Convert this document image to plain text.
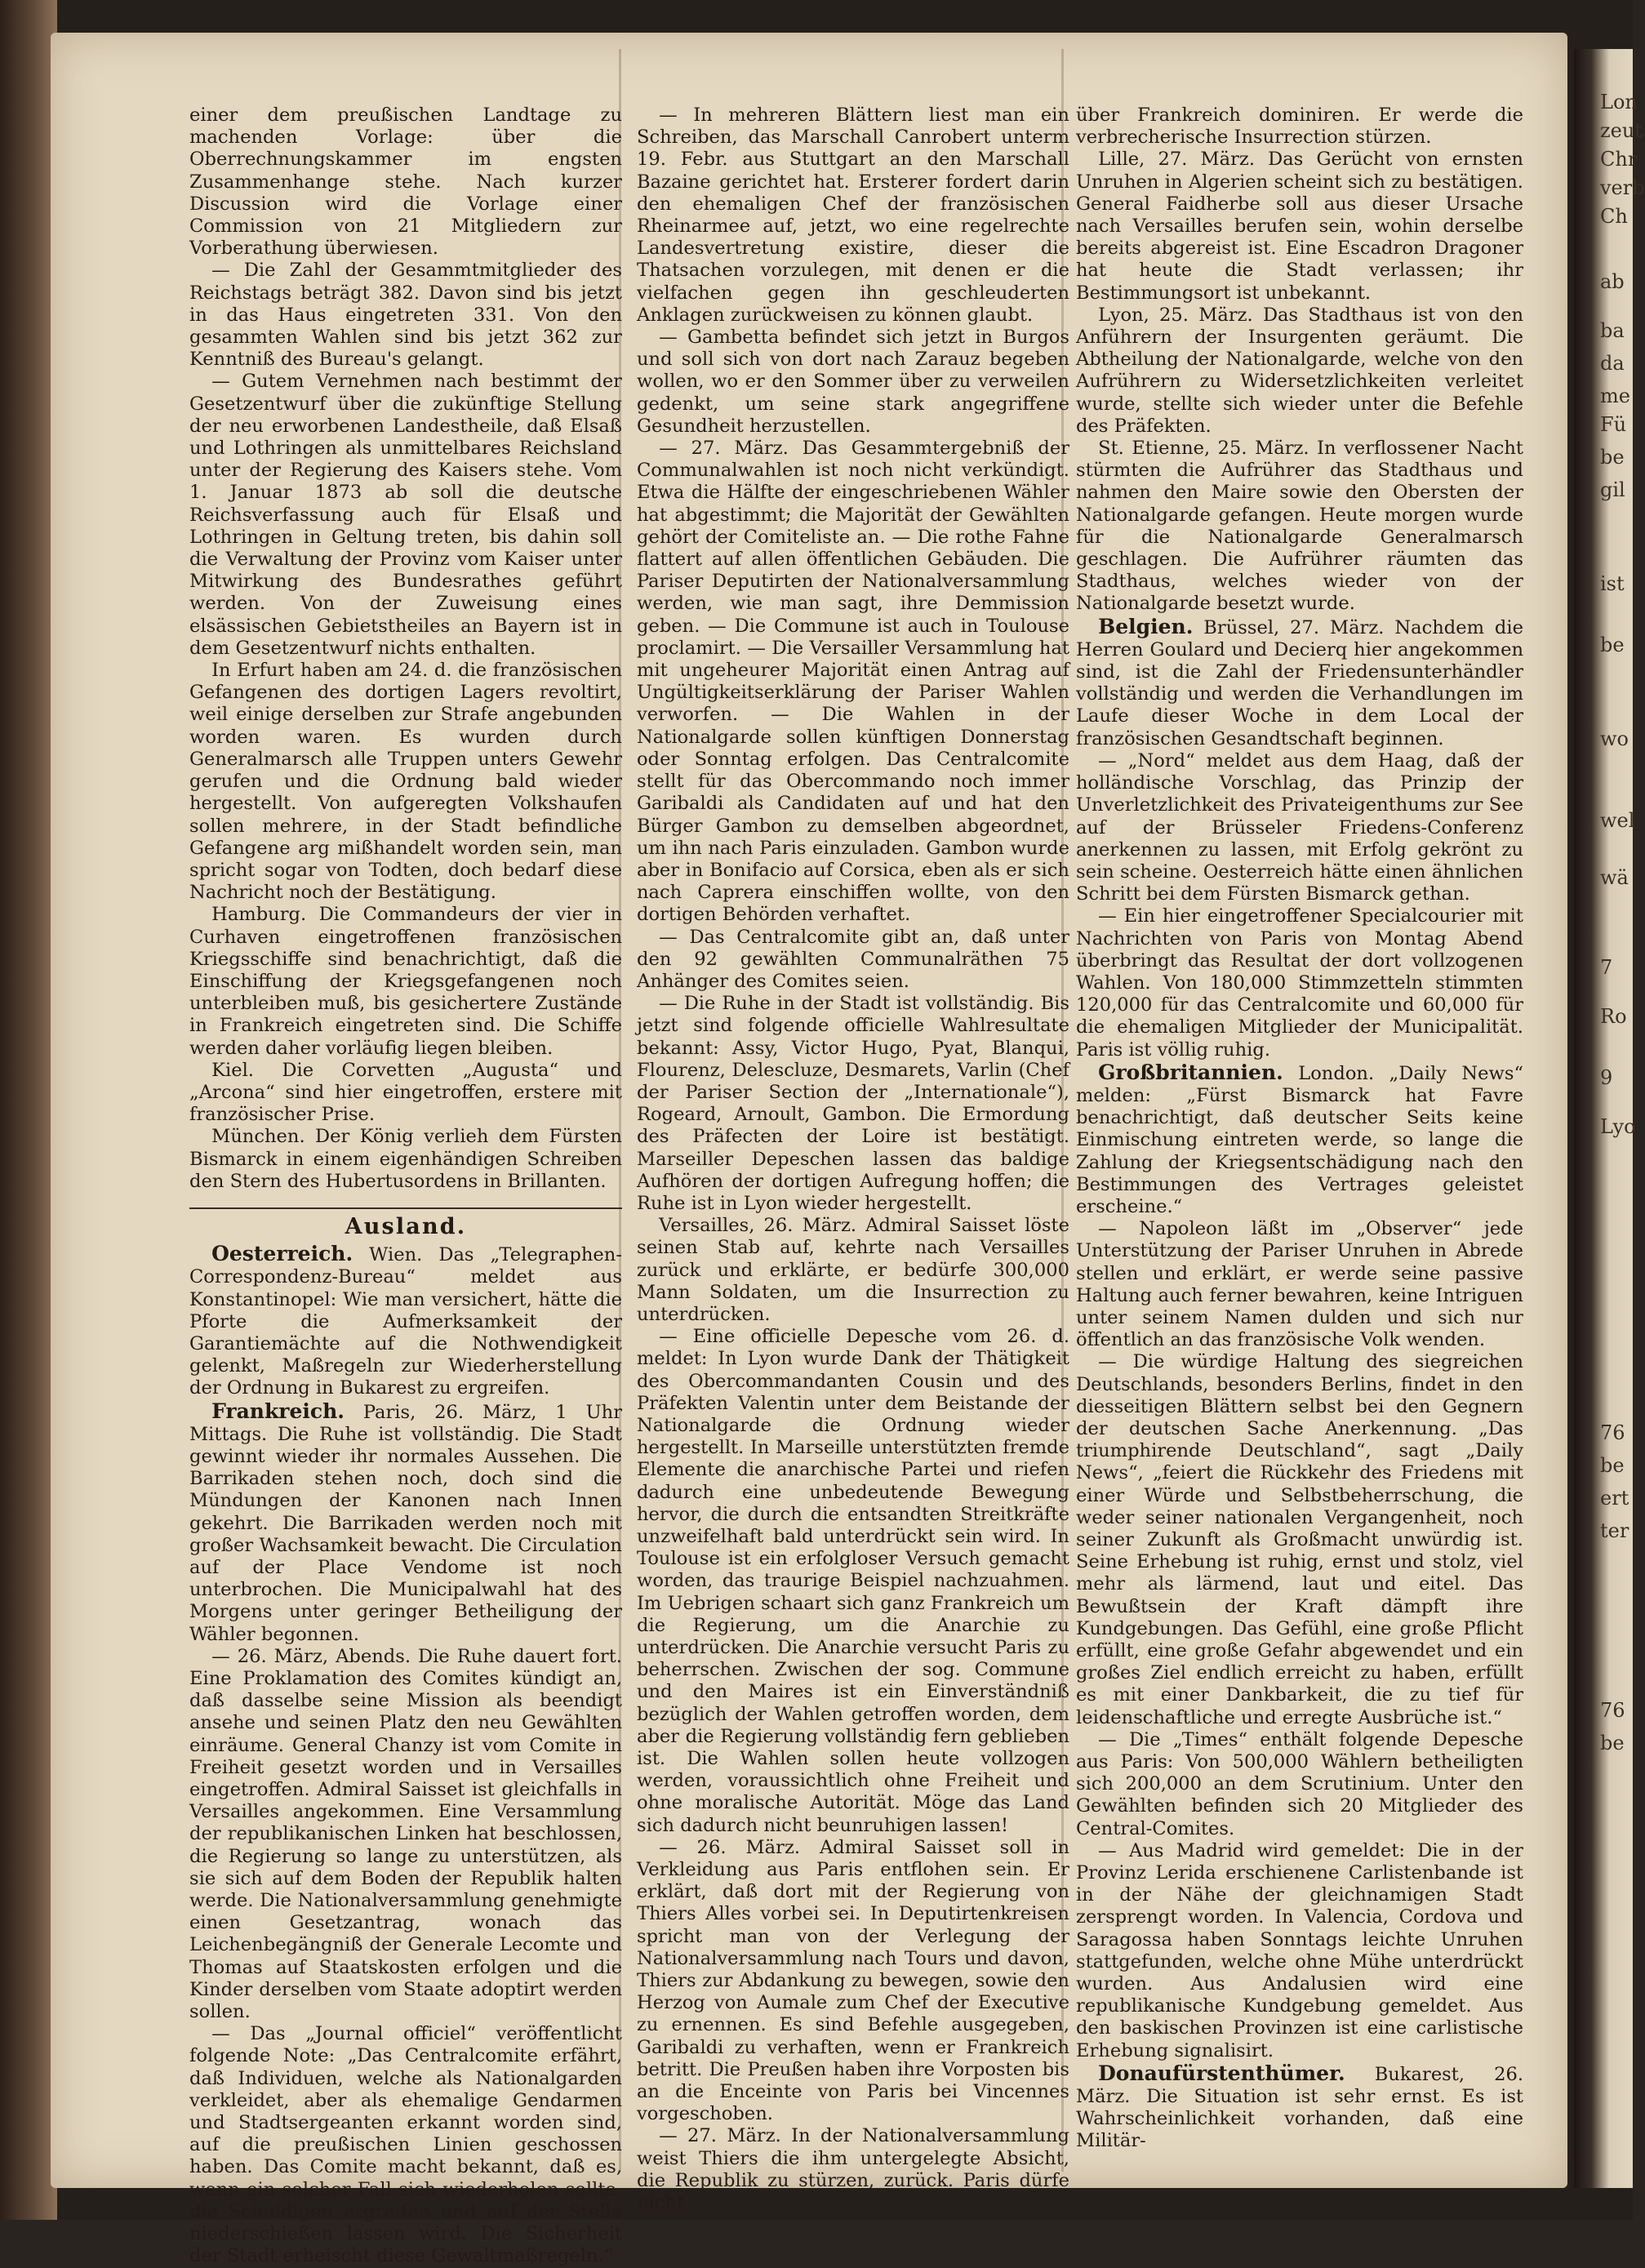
einer dem preußischen Landtage zu machenden Vorlage: über die Oberrechnungskammer im engsten Zusammenhange stehe. Nach kurzer Discussion wird die Vorlage einer Commission von 21 Mitgliedern zur Vorberathung überwiesen.

— Die Zahl der Gesammtmitglieder des Reichstags beträgt 382. Davon sind bis jetzt in das Haus eingetreten 331. Von den gesammten Wahlen sind bis jetzt 362 zur Kenntniß des Bureau's gelangt.

— Gutem Vernehmen nach bestimmt der Gesetzentwurf über die zukünftige Stellung der neu erworbenen Landestheile, daß Elsaß und Lothringen als unmittelbares Reichsland unter der Regierung des Kaisers stehe. Vom 1. Januar 1873 ab soll die deutsche Reichsverfassung auch für Elsaß und Lothringen in Geltung treten, bis dahin soll die Verwaltung der Provinz vom Kaiser unter Mitwirkung des Bundesrathes geführt werden. Von der Zuweisung eines elsässischen Gebietstheiles an Bayern ist in dem Gesetzentwurf nichts enthalten.

In Erfurt haben am 24. d. die französischen Gefangenen des dortigen Lagers revoltirt, weil einige derselben zur Strafe angebunden worden waren. Es wurden durch Generalmarsch alle Truppen unters Gewehr gerufen und die Ordnung bald wieder hergestellt. Von aufgeregten Volkshaufen sollen mehrere, in der Stadt befindliche Gefangene arg mißhandelt worden sein, man spricht sogar von Todten, doch bedarf diese Nachricht noch der Bestätigung.

Hamburg. Die Commandeurs der vier in Curhaven eingetroffenen französischen Kriegsschiffe sind benachrichtigt, daß die Einschiffung der Kriegsgefangenen noch unterbleiben muß, bis gesichertere Zustände in Frankreich eingetreten sind. Die Schiffe werden daher vorläufig liegen bleiben.

Kiel. Die Corvetten „Augusta“ und „Arcona“ sind hier eingetroffen, erstere mit französischer Prise.

München. Der König verlieh dem Fürsten Bismarck in einem eigenhändigen Schreiben den Stern des Hubertusordens in Brillanten.

Ausland.

Oesterreich. Wien. Das „Telegraphen-Correspondenz-Bureau“ meldet aus Konstantinopel: Wie man versichert, hätte die Pforte die Aufmerksamkeit der Garantiemächte auf die Nothwendigkeit gelenkt, Maßregeln zur Wiederherstellung der Ordnung in Bukarest zu ergreifen.

Frankreich. Paris, 26. März, 1 Uhr Mittags. Die Ruhe ist vollständig. Die Stadt gewinnt wieder ihr normales Aussehen. Die Barrikaden stehen noch, doch sind die Mündungen der Kanonen nach Innen gekehrt. Die Barrikaden werden noch mit großer Wachsamkeit bewacht. Die Circulation auf der Place Vendome ist noch unterbrochen. Die Municipalwahl hat des Morgens unter geringer Betheiligung der Wähler begonnen.

— 26. März, Abends. Die Ruhe dauert fort. Eine Proklamation des Comites kündigt an, daß dasselbe seine Mission als beendigt ansehe und seinen Platz den neu Gewählten einräume. General Chanzy ist vom Comite in Freiheit gesetzt worden und in Versailles eingetroffen. Admiral Saisset ist gleichfalls in Versailles angekommen. Eine Versammlung der republikanischen Linken hat beschlossen, die Regierung so lange zu unterstützen, als sie sich auf dem Boden der Republik halten werde. Die Nationalversammlung genehmigte einen Gesetzantrag, wonach das Leichenbegängniß der Generale Lecomte und Thomas auf Staatskosten erfolgen und die Kinder derselben vom Staate adoptirt werden sollen.

— Das „Journal officiel“ veröffentlicht folgende Note: „Das Centralcomite erfährt, daß Individuen, welche als Nationalgarden verkleidet, aber als ehemalige Gendarmen und Stadtsergeanten erkannt worden sind, auf die preußischen Linien geschossen haben. Das Comite macht bekannt, daß es, wenn ein solcher Fall sich wiederholen sollte, die Schuldigen ergreifen und auf der Stelle niederschießen lassen wird. Die Sicherheit der Stadt erheischt diese Gewaltmaßregeln.“

— In mehreren Blättern liest man ein Schreiben, das Marschall Canrobert unterm 19. Febr. aus Stuttgart an den Marschall Bazaine gerichtet hat. Ersterer fordert darin den ehemaligen Chef der französischen Rheinarmee auf, jetzt, wo eine regelrechte Landesvertretung existire, dieser die Thatsachen vorzulegen, mit denen er die vielfachen gegen ihn geschleuderten Anklagen zurückweisen zu können glaubt.

— Gambetta befindet sich jetzt in Burgos und soll sich von dort nach Zarauz begeben wollen, wo er den Sommer über zu verweilen gedenkt, um seine stark angegriffene Gesundheit herzustellen.

— 27. März. Das Gesammtergebniß der Communalwahlen ist noch nicht verkündigt. Etwa die Hälfte der eingeschriebenen Wähler hat abgestimmt; die Majorität der Gewählten gehört der Comiteliste an. — Die rothe Fahne flattert auf allen öffentlichen Gebäuden. Die Pariser Deputirten der Nationalversammlung werden, wie man sagt, ihre Demmission geben. — Die Commune ist auch in Toulouse proclamirt. — Die Versailler Versammlung hat mit ungeheurer Majorität einen Antrag auf Ungültigkeitserklärung der Pariser Wahlen verworfen. — Die Wahlen in der Nationalgarde sollen künftigen Donnerstag oder Sonntag erfolgen. Das Centralcomite stellt für das Obercommando noch immer Garibaldi als Candidaten auf und hat den Bürger Gambon zu demselben abgeordnet, um ihn nach Paris einzuladen. Gambon wurde aber in Bonifacio auf Corsica, eben als er sich nach Caprera einschiffen wollte, von den dortigen Behörden verhaftet.

— Das Centralcomite gibt an, daß unter den 92 gewählten Communalräthen 75 Anhänger des Comites seien.

— Die Ruhe in der Stadt ist vollständig. Bis jetzt sind folgende officielle Wahlresultate bekannt: Assy, Victor Hugo, Pyat, Blanqui, Flourenz, Delescluze, Desmarets, Varlin (Chef der Pariser Section der „Internationale“), Rogeard, Arnoult, Gambon. Die Ermordung des Präfecten der Loire ist bestätigt. Marseiller Depeschen lassen das baldige Aufhören der dortigen Aufregung hoffen; die Ruhe ist in Lyon wieder hergestellt.

Versailles, 26. März. Admiral Saisset löste seinen Stab auf, kehrte nach Versailles zurück und erklärte, er bedürfe 300,000 Mann Soldaten, um die Insurrection zu unterdrücken.

— Eine officielle Depesche vom 26. d. meldet: In Lyon wurde Dank der Thätigkeit des Obercommandanten Cousin und des Präfekten Valentin unter dem Beistande der Nationalgarde die Ordnung wieder hergestellt. In Marseille unterstützten fremde Elemente die anarchische Partei und riefen dadurch eine unbedeutende Bewegung hervor, die durch die entsandten Streitkräfte unzweifelhaft bald unterdrückt sein wird. In Toulouse ist ein erfolgloser Versuch gemacht worden, das traurige Beispiel nachzuahmen. Im Uebrigen schaart sich ganz Frankreich um die Regierung, um die Anarchie zu unterdrücken. Die Anarchie versucht Paris zu beherrschen. Zwischen der sog. Commune und den Maires ist ein Einverständniß bezüglich der Wahlen getroffen worden, dem aber die Regierung vollständig fern geblieben ist. Die Wahlen sollen heute vollzogen werden, voraussichtlich ohne Freiheit und ohne moralische Autorität. Möge das Land sich dadurch nicht beunruhigen lassen!

— 26. März. Admiral Saisset soll in Verkleidung aus Paris entflohen sein. Er erklärt, daß dort mit der Regierung von Thiers Alles vorbei sei. In Deputirtenkreisen spricht man von der Verlegung der Nationalversammlung nach Tours und davon, Thiers zur Abdankung zu bewegen, sowie den Herzog von Aumale zum Chef der Executive zu ernennen. Es sind Befehle ausgegeben, Garibaldi zu verhaften, wenn er Frankreich betritt. Die Preußen haben ihre Vorposten bis an die Enceinte von Paris bei Vincennes vorgeschoben.

— 27. März. In der Nationalversammlung weist Thiers die ihm untergelegte Absicht, die Republik zu stürzen, zurück. Paris dürfe nicht

über Frankreich dominiren. Er werde die verbrecherische Insurrection stürzen.

Lille, 27. März. Das Gerücht von ernsten Unruhen in Algerien scheint sich zu bestätigen. General Faidherbe soll aus dieser Ursache nach Versailles berufen sein, wohin derselbe bereits abgereist ist. Eine Escadron Dragoner hat heute die Stadt verlassen; ihr Bestimmungsort ist unbekannt.

Lyon, 25. März. Das Stadthaus ist von den Anführern der Insurgenten geräumt. Die Abtheilung der Nationalgarde, welche von den Aufrührern zu Widersetzlichkeiten verleitet wurde, stellte sich wieder unter die Befehle des Präfekten.

St. Etienne, 25. März. In verflossener Nacht stürmten die Aufrührer das Stadthaus und nahmen den Maire sowie den Obersten der Nationalgarde gefangen. Heute morgen wurde für die Nationalgarde Generalmarsch geschlagen. Die Aufrührer räumten das Stadthaus, welches wieder von der Nationalgarde besetzt wurde.

Belgien. Brüssel, 27. März. Nachdem die Herren Goulard und Decierq hier angekommen sind, ist die Zahl der Friedensunterhändler vollständig und werden die Verhandlungen im Laufe dieser Woche in dem Local der französischen Gesandtschaft beginnen.

— „Nord“ meldet aus dem Haag, daß der holländische Vorschlag, das Prinzip der Unverletzlichkeit des Privateigenthums zur See auf der Brüsseler Friedens-Conferenz anerkennen zu lassen, mit Erfolg gekrönt zu sein scheine. Oesterreich hätte einen ähnlichen Schritt bei dem Fürsten Bismarck gethan.

— Ein hier eingetroffener Specialcourier mit Nachrichten von Paris von Montag Abend überbringt das Resultat der dort vollzogenen Wahlen. Von 180,000 Stimmzetteln stimmten 120,000 für das Centralcomite und 60,000 für die ehemaligen Mitglieder der Municipalität. Paris ist völlig ruhig.

Großbritannien. London. „Daily News“ melden: „Fürst Bismarck hat Favre benachrichtigt, daß deutscher Seits keine Einmischung eintreten werde, so lange die Zahlung der Kriegsentschädigung nach den Bestimmungen des Vertrages geleistet erscheine.“

— Napoleon läßt im „Observer“ jede Unterstützung der Pariser Unruhen in Abrede stellen und erklärt, er werde seine passive Haltung auch ferner bewahren, keine Intriguen unter seinem Namen dulden und sich nur öffentlich an das französische Volk wenden.

— Die würdige Haltung des siegreichen Deutschlands, besonders Berlins, findet in den diesseitigen Blättern selbst bei den Gegnern der deutschen Sache Anerkennung. „Das triumphirende Deutschland“, sagt „Daily News“, „feiert die Rückkehr des Friedens mit einer Würde und Selbstbeherrschung, die weder seiner nationalen Vergangenheit, noch seiner Zukunft als Großmacht unwürdig ist. Seine Erhebung ist ruhig, ernst und stolz, viel mehr als lärmend, laut und eitel. Das Bewußtsein der Kraft dämpft ihre Kundgebungen. Das Gefühl, eine große Pflicht erfüllt, eine große Gefahr abgewendet und ein großes Ziel endlich erreicht zu haben, erfüllt es mit einer Dankbarkeit, die zu tief für leidenschaftliche und erregte Ausbrüche ist.“

— Die „Times“ enthält folgende Depesche aus Paris: Von 500,000 Wählern betheiligten sich 200,000 an dem Scrutinium. Unter den Gewählten befinden sich 20 Mitglieder des Central-Comites.

— Aus Madrid wird gemeldet: Die in der Provinz Lerida erschienene Carlistenbande ist in der Nähe der gleichnamigen Stadt zersprengt worden. In Valencia, Cordova und Saragossa haben Sonntags leichte Unruhen stattgefunden, welche ohne Mühe unterdrückt wurden. Aus Andalusien wird eine republikanische Kundgebung gemeldet. Aus den baskischen Provinzen ist eine carlistische Erhebung signalisirt.

Donaufürstenthümer. Bukarest, 26. März. Die Situation ist sehr ernst. Es ist Wahrscheinlichkeit vorhanden, daß eine Militär-

Lon
zeut
Chr
verb
Ch
ab
ba
da
me
Fü
be
gil
ist
be
wo
wel
wä
7
Ro
9
Lyo
76
be
ert
ter
76
be
